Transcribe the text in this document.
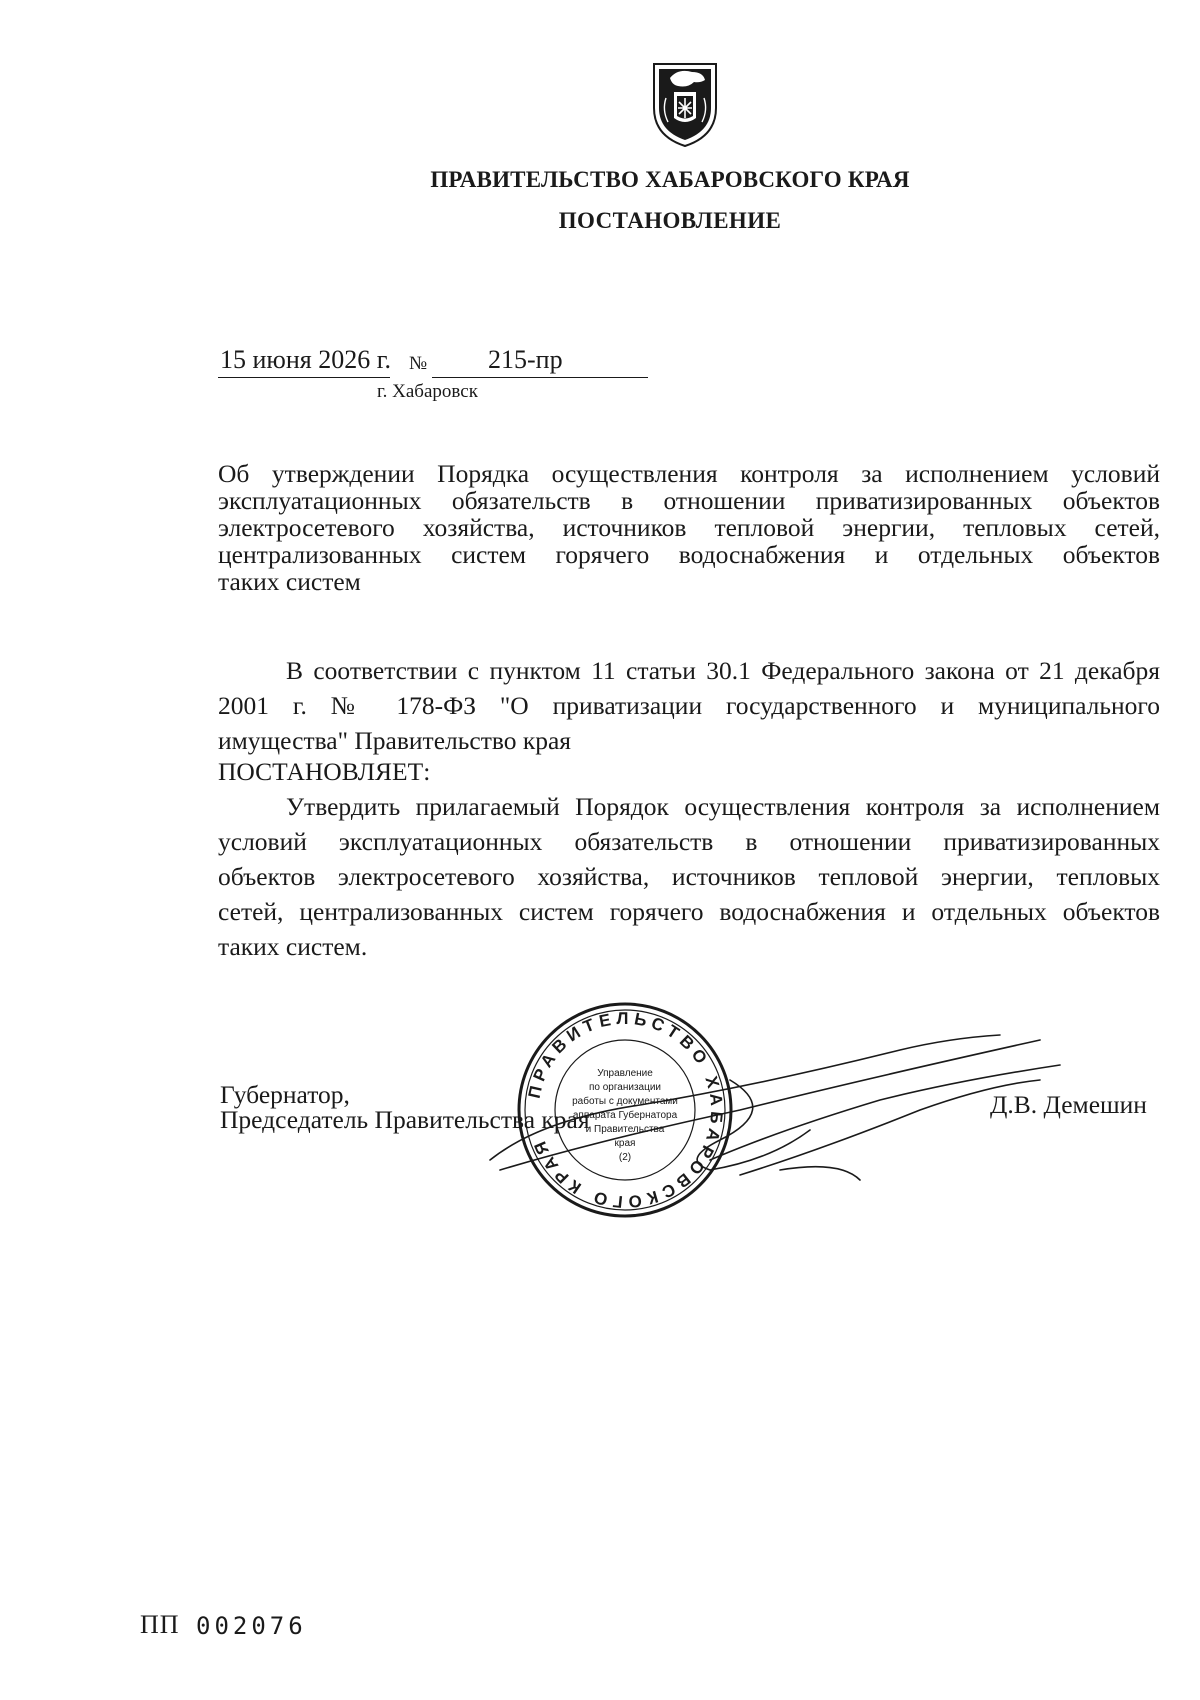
ПРАВИТЕЛЬСТВО ХАБАРОВСКОГО КРАЯ
ПОСТАНОВЛЕНИЕ
15 июня 2026 г. № 215-пр
г. Хабаровск
Об утверждении Порядка осуществления контроля за исполнением условий
эксплуатационных обязательств в отношении приватизированных объектов
электросетевого хозяйства, источников тепловой энергии, тепловых сетей,
централизованных систем горячего водоснабжения и отдельных объектов
таких систем
В соответствии с пунктом 11 статьи 30.1 Федерального закона от 21 декабря
2001 г. № 178-ФЗ "О приватизации государственного и муниципального
имущества" Правительство края
ПОСТАНОВЛЯЕТ:
Утвердить прилагаемый Порядок осуществления контроля за исполнением
условий эксплуатационных обязательств в отношении приватизированных
объектов электросетевого хозяйства, источников тепловой энергии, тепловых
сетей, централизованных систем горячего водоснабжения и отдельных объектов
таких систем.
ПРАВИТЕЛЬСТВО ХАБАРОВСКОГО КРАЯ
Управление
по организации
работы с документами
аппарата Губернатора
и Правительства
края
(2)
Губернатор,
Председатель Правительства края
Д.В. Демешин
ПП 002076
